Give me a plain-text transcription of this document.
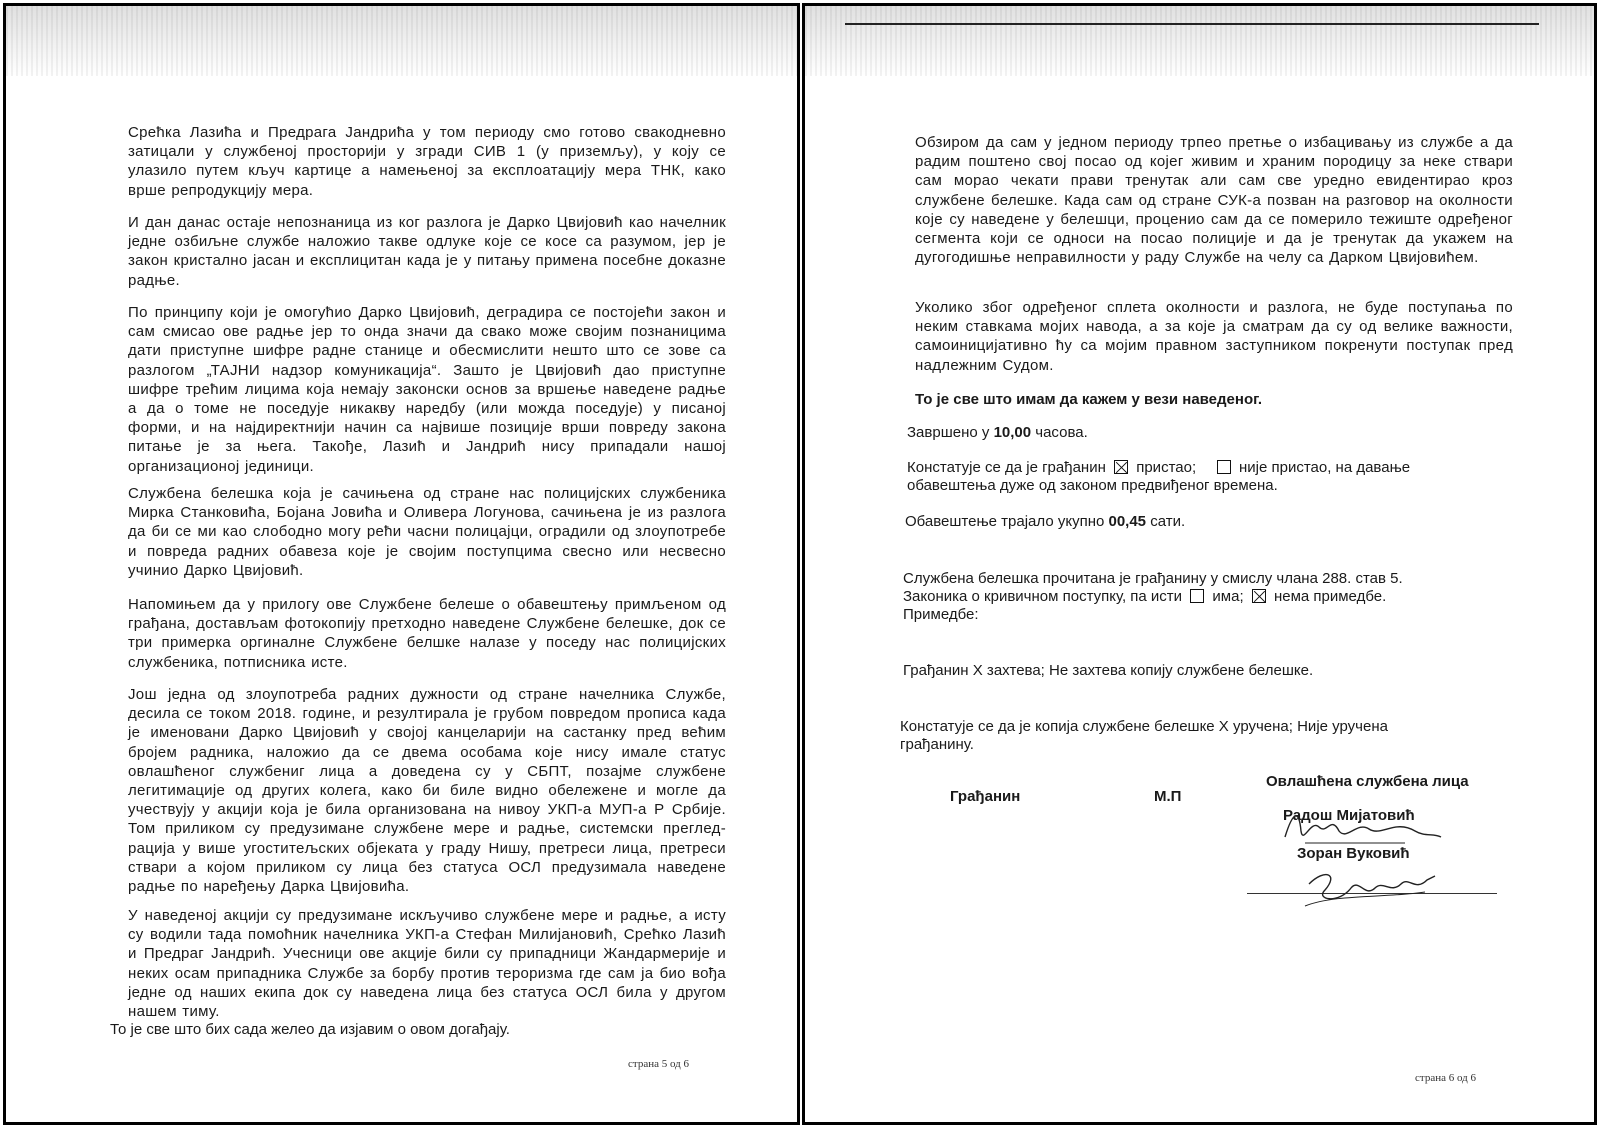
Срећка Лазића и Предрага Јандрића у том периоду смо готово свакодневно затицали у службеној просторији у згради СИВ 1 (у приземљу), у коју се улазило путем кључ картице а намењеној за експлоатацију мера ТНК, како врше репродукцију мера.

И дан данас остаје непознаница из ког разлога је Дарко Цвијовић као начелник једне озбиљне службе наложио такве одлуке које се косе са разумом, јер је закон кристално јасан и експлицитан када је у питању примена посебне доказне радње.

По принципу који је омогућио Дарко Цвијовић, деградира се постојећи закон и сам смисао ове радње јер то онда значи да свако може својим познаницима дати приступне шифре радне станице и обесмислити нешто што се зове са разлогом „ТАЈНИ надзор комуникација“. Зашто је Цвијовић дао приступне шифре трећим лицима која немају законски основ за вршење наведене радње а да о томе не поседује никакву наредбу (или можда поседује) у писаној форми, и на најдиректнији начин са највише позиције врши повреду закона питање је за њега. Такође, Лазић и Јандрић нису припадали нашој организационој јединици.

Службена белешка која је сачињена од стране нас полицијских службеника Мирка Станковића, Бојана Јовића и Оливера Логунова, сачињена је из разлога да би се ми као слободно могу рећи часни полицајци, оградили од злоупотребе и повреда радних обавеза које је својим поступцима свесно или несвесно учинио Дарко Цвијовић.

Напомињем да у прилогу ове Службене белеше о обавештењу примљеном од грађана, достављам фотокопију претходно наведене Службене белешке, док се три примерка оргиналне Службене белшке налазе у поседу нас полицијских службеника, потписника исте.

Још једна од злоупотреба радних дужности од стране начелника Службе, десила се током 2018. године, и резултирала је грубом повредом прописа када је именовани Дарко Цвијовић у својој канцеларији на састанку пред већим бројем радника, наложио да се двема особама које нису имале статус овлашћеног службениг лица а доведена су у СБПТ, позајме службене легитимације од других колега, како би биле видно обележене и могле да учествују у акцији која је била организована на нивоу УКП-а МУП-а Р Србије. Том приликом су предузимане службене мере и радње, системски преглед-рација у више угоститељских објеката у граду Нишу, претреси лица, претреси ствари а којом приликом су лица без статуса ОСЛ предузимала наведене радње по наређењу Дарка Цвијовића.

У наведеној акцији су предузимане искључиво службене мере и радње, а исту су водили тада помоћник начелника УКП-а Стефан Милијановић, Срећко Лазић и Предраг Јандрић. Учесници ове акције били су припадници Жандармерије и неких осам припадника Службе за борбу против тероризма где сам ја био вођа једне од наших екипа док су наведена лица без статуса ОСЛ била у другом нашем тиму.

То је све што бих сада желео да изјавим о овом догађају.

страна 5 од 6

Обзиром да сам у једном периоду трпео претње о избацивању из службе а да радим поштено свој посао од којег живим и храним породицу за неке ствари сам морао чекати прави тренутак али сам све уредно евидентирао кроз службене белешке. Када сам од стране СУК-а позван на разговор на околности које су наведене у белешци, проценио сам да се померило тежиште одређеног сегмента који се односи на посао полиције и да је тренутак да укажем на дугогодишње неправилности у раду Службе на челу са Дарком Цвијовићем.

Уколико због одређеног сплета околности и разлога, не буде поступања по неким ставкама мојих навода, а за које ја сматрам да су од велике важности, самоиницијативно ћу са мојим правном заступником покренути поступак пред надлежним Судом.

То је све што имам да кажем у вези наведеног.

Завршено у 10,00 часова.

Констатује се да је грађанин пристао;	није пристао, на давање

обавештења дуже од законом предвиђеног времена.

Обавештење трајало укупно 00,45 сати.

Службена белешка прочитана је грађанину у смислу члана 288. став 5.

Законика о кривичном поступку, па исти има; нема примедбе.

Примедбе:

Грађанин X захтева; Не захтева копију службене белешке.

Констатује се да је копија службене белешке X уручена; Није уручена

грађанину.

Овлашћена службена лица
Грађанин	М.П
Радош Мијатовић
Зоран Вуковић
страна 6 од 6
